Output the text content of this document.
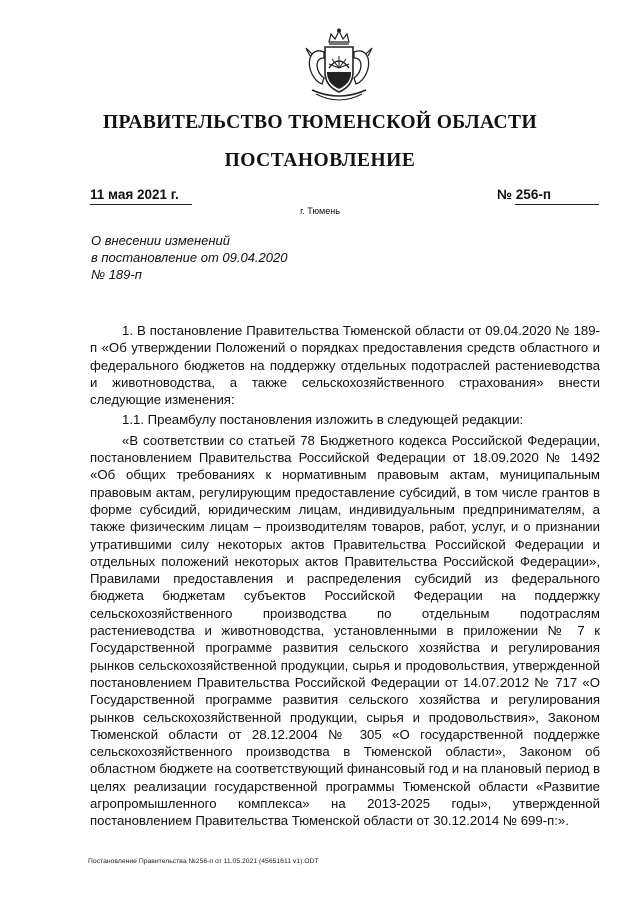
ПРАВИТЕЛЬСТВО ТЮМЕНСКОЙ ОБЛАСТИ
ПОСТАНОВЛЕНИЕ
11 мая 2021 г.	№ 256-п
г. Тюмень
О внесении изменений
в постановление от 09.04.2020
№ 189-п

1. В постановление Правительства Тюменской области от 09.04.2020 № 189-п «Об утверждении Положений о порядках предоставления средств областного и федерального бюджетов на поддержку отдельных подотраслей растениеводства и животноводства, а также сельскохозяйственного страхования» внести следующие изменения:

1.1. Преамбулу постановления изложить в следующей редакции:

«В соответствии со статьей 78 Бюджетного кодекса Российской Федерации, постановлением Правительства Российской Федерации от 18.09.2020 № 1492 «Об общих требованиях к нормативным правовым актам, муниципальным правовым актам, регулирующим предоставление субсидий, в том числе грантов в форме субсидий, юридическим лицам, индивидуальным предпринимателям, а также физическим лицам – производителям товаров, работ, услуг, и о признании утратившими силу некоторых актов Правительства Российской Федерации и отдельных положений некоторых актов Правительства Российской Федерации», Правилами предоставления и распределения субсидий из федерального бюджета бюджетам субъектов Российской Федерации на поддержку сельскохозяйственного производства по отдельным подотраслям растениеводства и животноводства, установленными в приложении № 7 к Государственной программе развития сельского хозяйства и регулирования рынков сельскохозяйственной продукции, сырья и продовольствия, утвержденной постановлением Правительства Российской Федерации от 14.07.2012 № 717 «О Государственной программе развития сельского хозяйства и регулирования рынков сельскохозяйственной продукции, сырья и продовольствия», Законом Тюменской области от 28.12.2004 № 305 «О государственной поддержке сельскохозяйственного производства в Тюменской области», Законом об областном бюджете на соответствующий финансовый год и на плановый период в целях реализации государственной программы Тюменской области «Развитие агропромышленного комплекса» на 2013-2025 годы», утвержденной постановлением Правительства Тюменской области от 30.12.2014 № 699-п:».

Постановление Правительства №256-п от 11.05.2021 (45651611 v1).ODT
